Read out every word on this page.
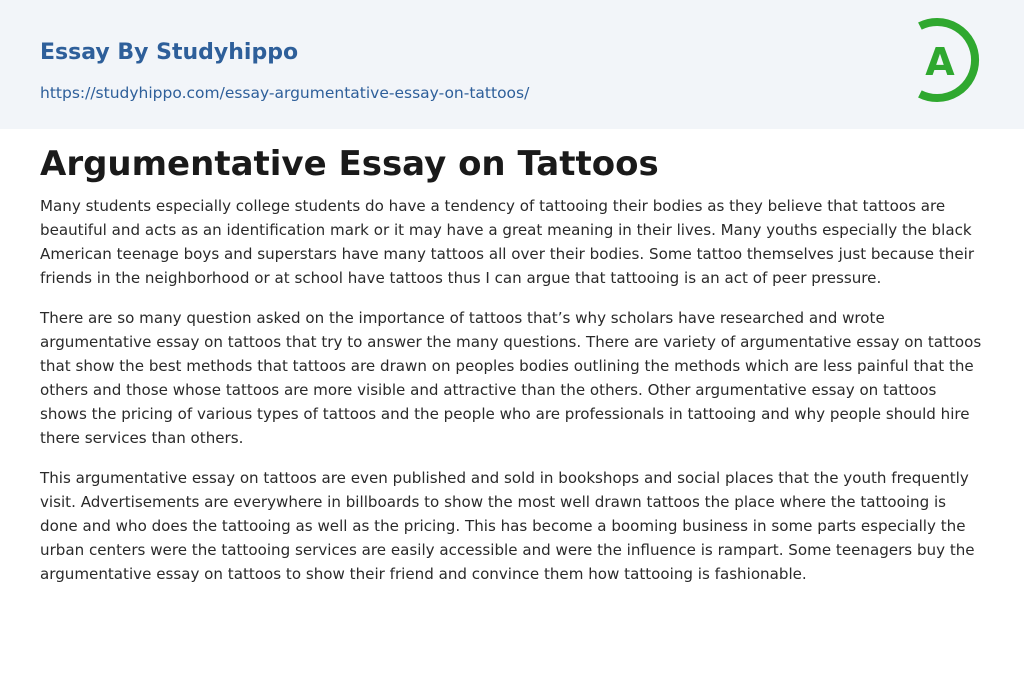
Essay By Studyhippo
https://studyhippo.com/essay-argumentative-essay-on-tattoos/
A
Argumentative Essay on Tattoos

Many students especially college students do have a tendency of tattooing their bodies as they believe that tattoos are beautiful and acts as an identification mark or it may have a great meaning in their lives. Many youths especially the black American teenage boys and superstars have many tattoos all over their bodies. Some tattoo themselves just because their friends in the neighborhood or at school have tattoos thus I can argue that tattooing is an act of peer pressure.

There are so many question asked on the importance of tattoos that’s why scholars have researched and wrote argumentative essay on tattoos that try to answer the many questions. There are variety of argumentative essay on tattoos that show the best methods that tattoos are drawn on peoples bodies outlining the methods which are less painful that the others and those whose tattoos are more visible and attractive than the others. Other argumentative essay on tattoos shows the pricing of various types of tattoos and the people who are professionals in tattooing and why people should hire there services than others.

This argumentative essay on tattoos are even published and sold in bookshops and social places that the youth frequently visit. Advertisements are everywhere in billboards to show the most well drawn tattoos the place where the tattooing is done and who does the tattooing as well as the pricing. This has become a booming business in some parts especially the urban centers were the tattooing services are easily accessible and were the influence is rampart. Some teenagers buy the argumentative essay on tattoos to show their friend and convince them how tattooing is fashionable.
